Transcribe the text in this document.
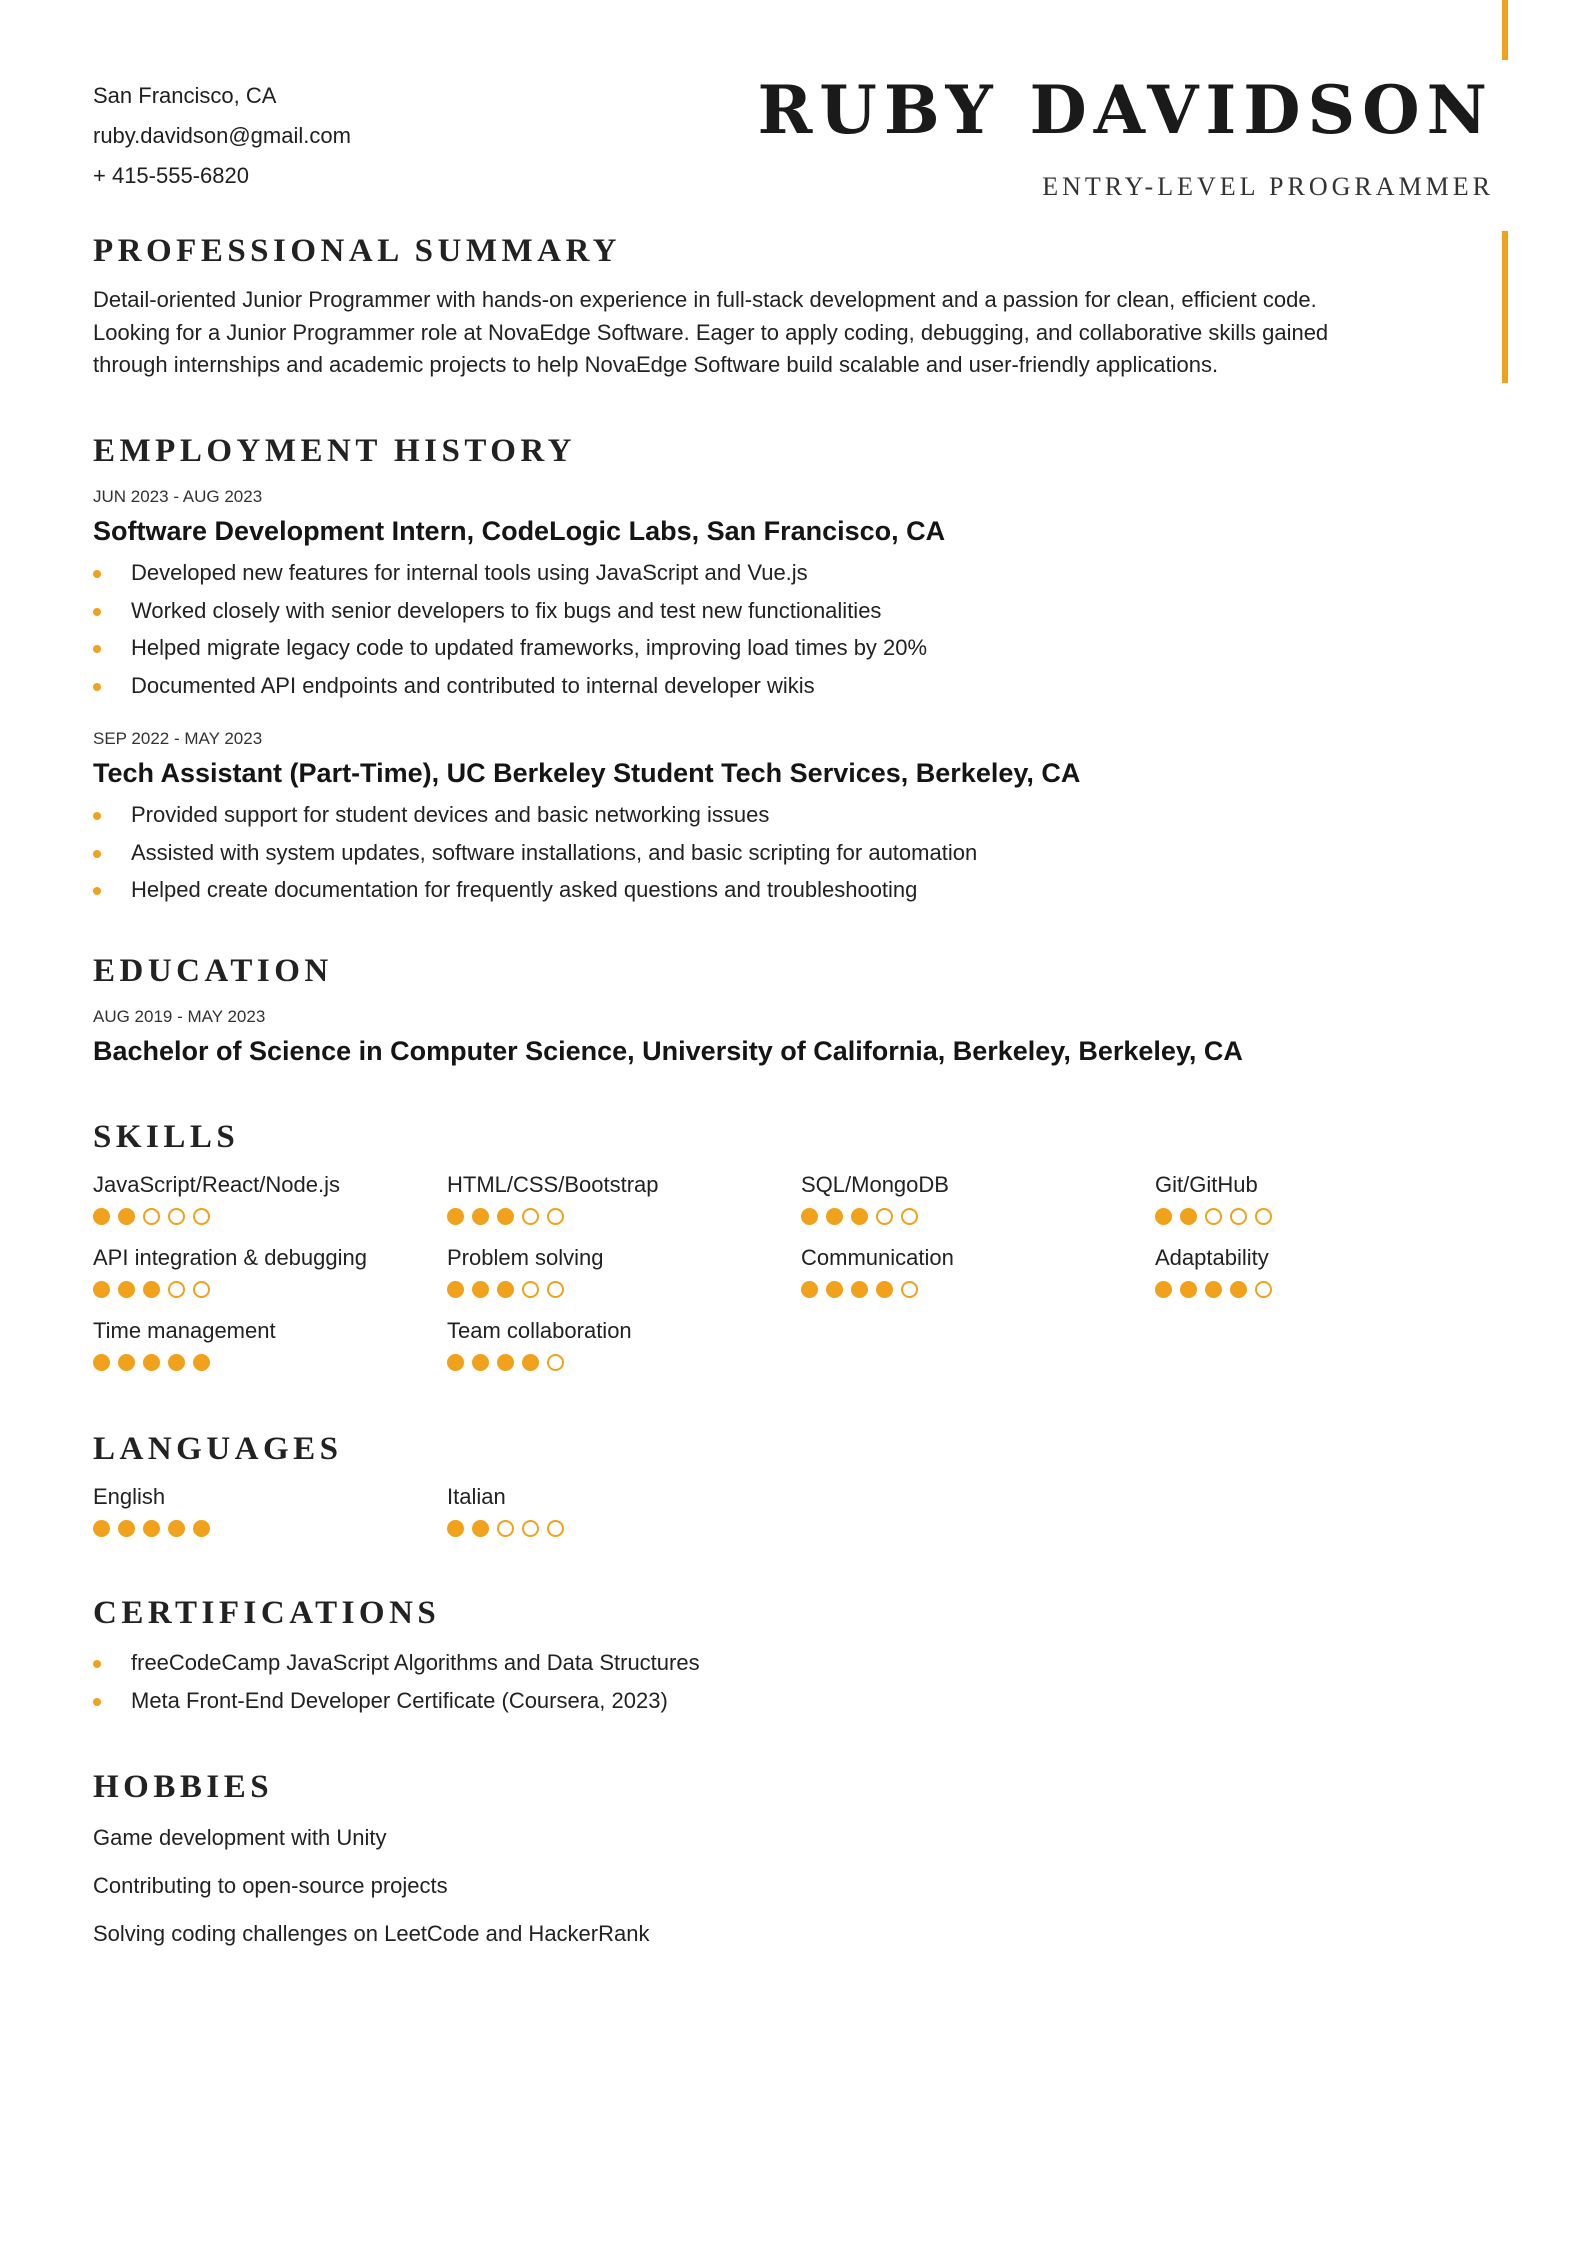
San Francisco, CA
ruby.davidson@gmail.com
+ 415-555-6820
RUBY DAVIDSON
ENTRY-LEVEL PROGRAMMER
PROFESSIONAL SUMMARY
Detail-oriented Junior Programmer with hands-on experience in full-stack development and a passion for clean, efficient code. Looking for a Junior Programmer role at NovaEdge Software. Eager to apply coding, debugging, and collaborative skills gained through internships and academic projects to help NovaEdge Software build scalable and user-friendly applications.
EMPLOYMENT HISTORY
JUN 2023 - AUG 2023
Software Development Intern, CodeLogic Labs, San Francisco, CA
Developed new features for internal tools using JavaScript and Vue.js
Worked closely with senior developers to fix bugs and test new functionalities
Helped migrate legacy code to updated frameworks, improving load times by 20%
Documented API endpoints and contributed to internal developer wikis
SEP 2022 - MAY 2023
Tech Assistant (Part-Time), UC Berkeley Student Tech Services, Berkeley, CA
Provided support for student devices and basic networking issues
Assisted with system updates, software installations, and basic scripting for automation
Helped create documentation for frequently asked questions and troubleshooting
EDUCATION
AUG 2019 - MAY 2023
Bachelor of Science in Computer Science, University of California, Berkeley, Berkeley, CA
SKILLS
JavaScript/React/Node.js	HTML/CSS/Bootstrap	SQL/MongoDB	Git/GitHub
API integration & debugging	Problem solving	Communication	Adaptability
Time management	Team collaboration
LANGUAGES
English	Italian
CERTIFICATIONS
freeCodeCamp JavaScript Algorithms and Data Structures
Meta Front-End Developer Certificate (Coursera, 2023)
HOBBIES
Game development with Unity
Contributing to open-source projects
Solving coding challenges on LeetCode and HackerRank
